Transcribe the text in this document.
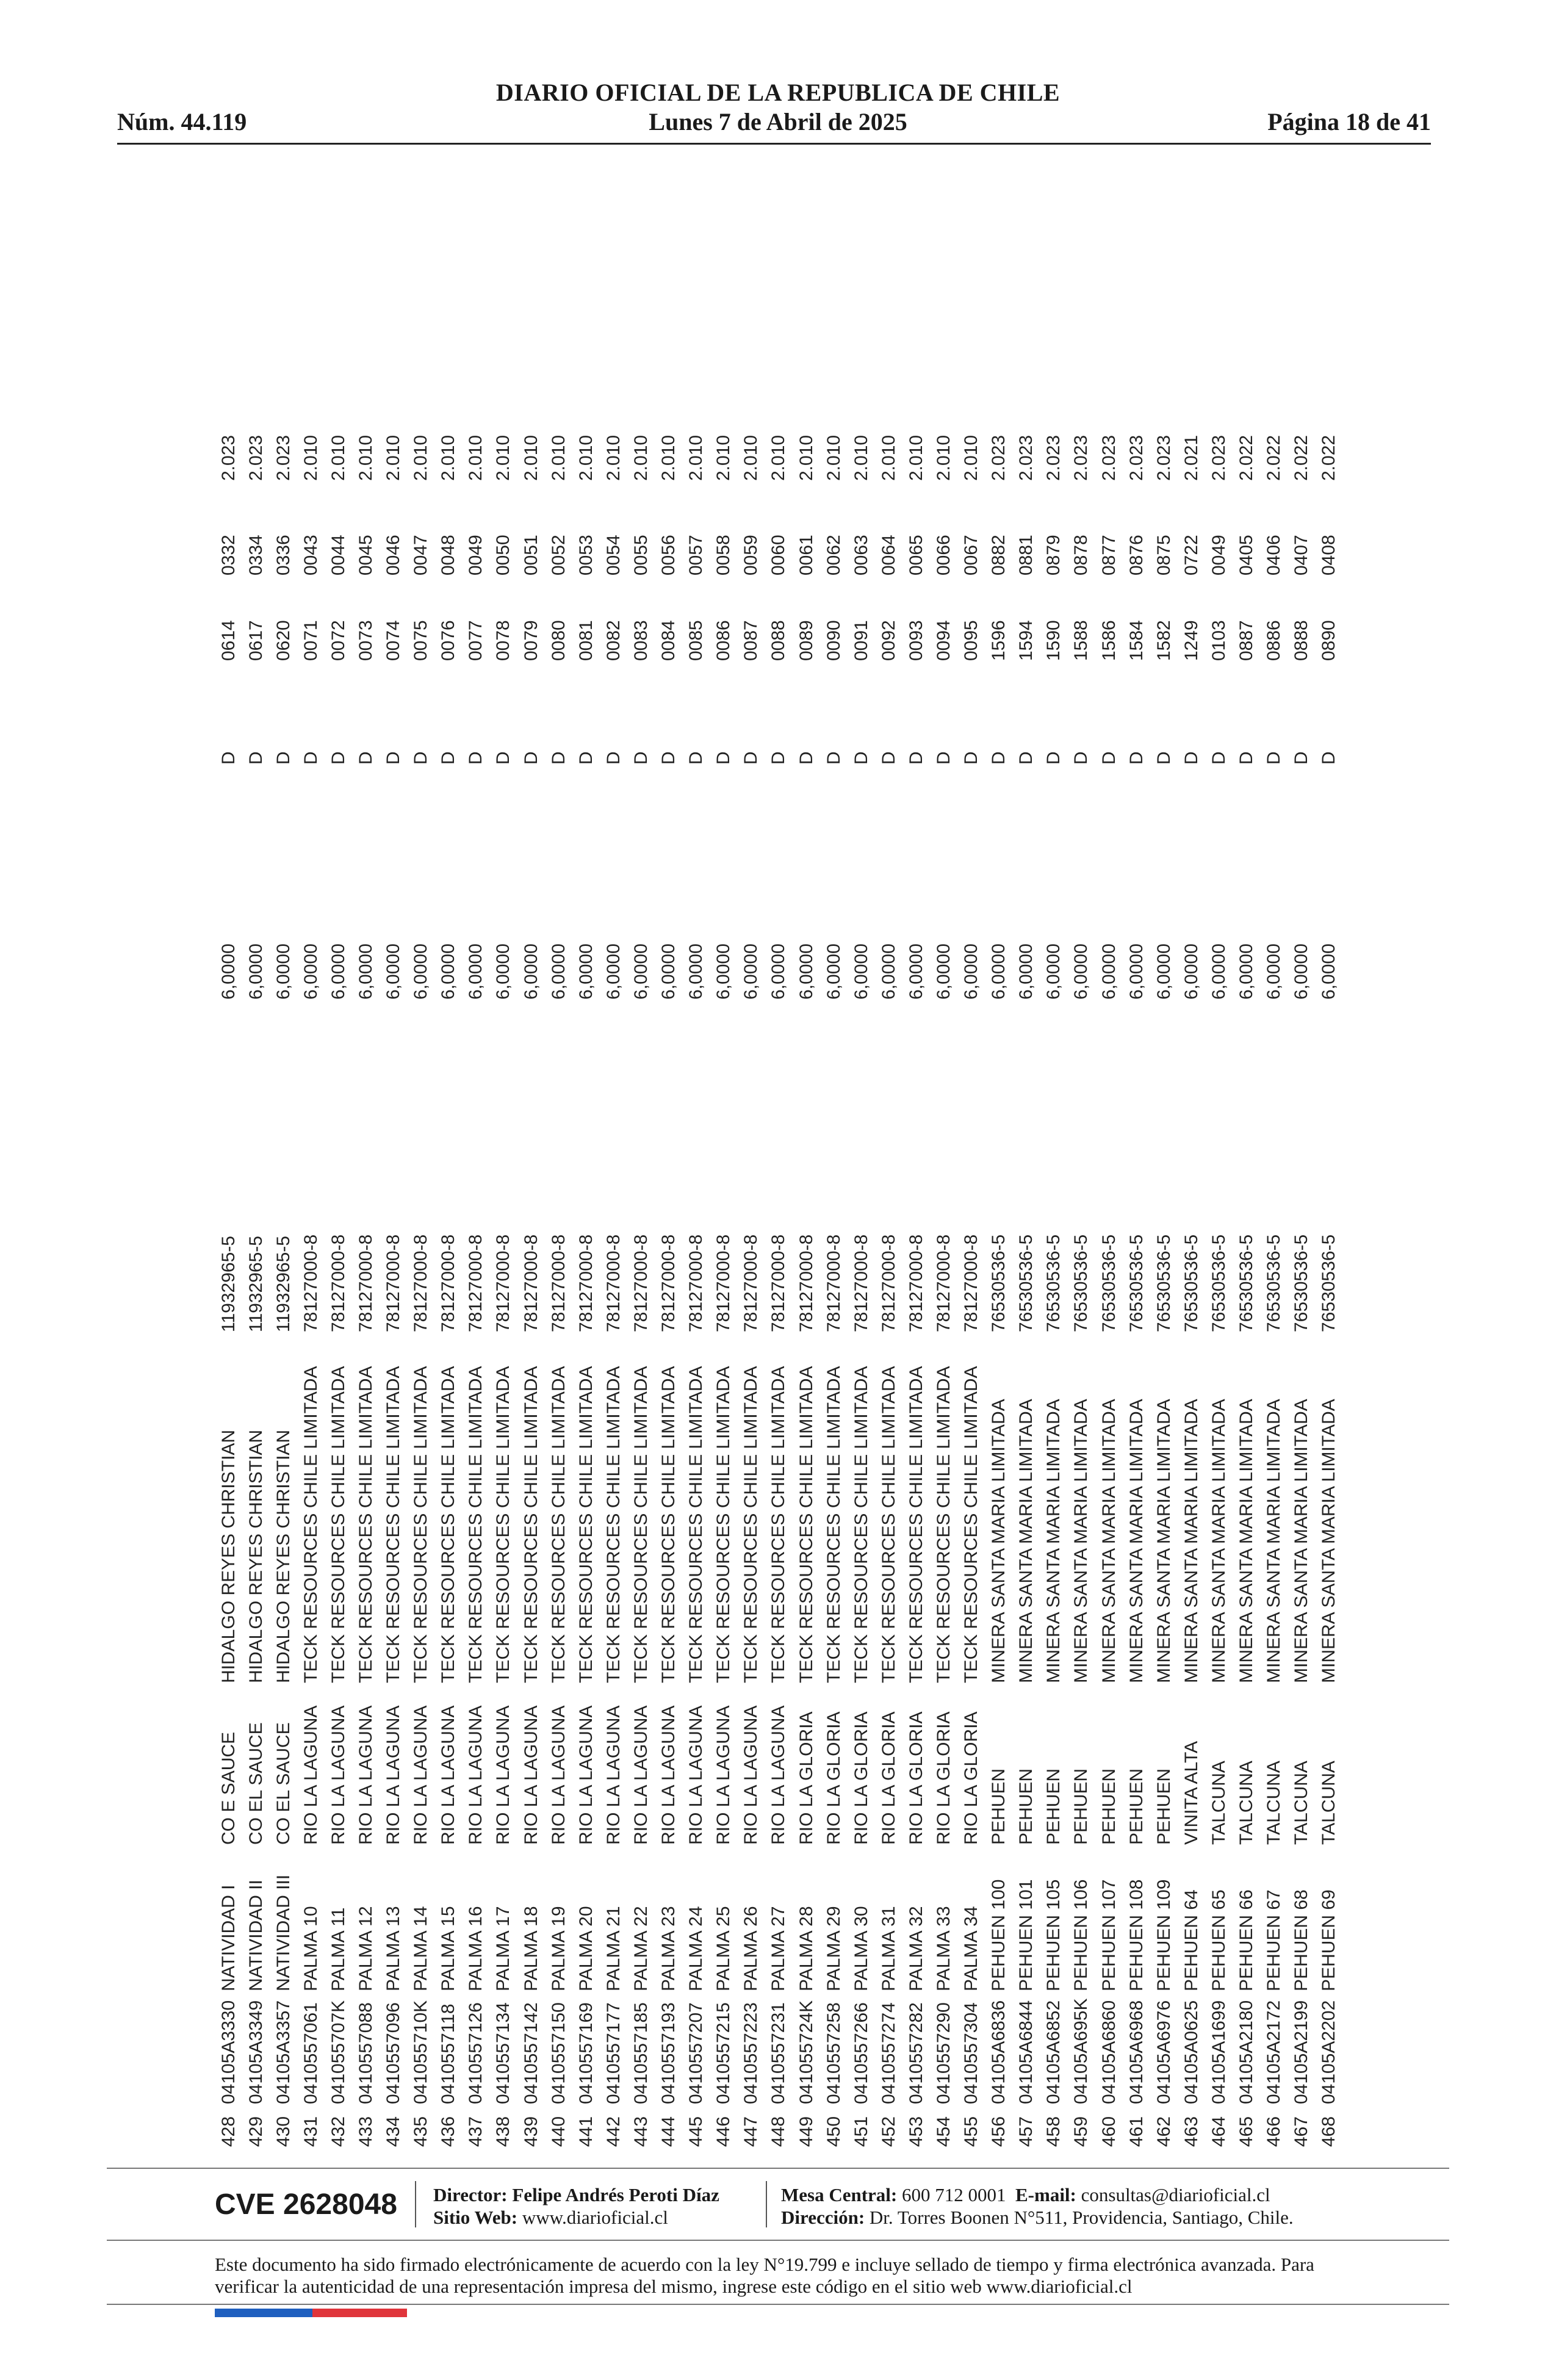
DIARIO OFICIAL DE LA REPUBLICA DE CHILE
Núm. 44.119	Lunes 7 de Abril de 2025	Página 18 de 41
428	04105A3330	NATIVIDAD I	CO E SAUCE	HIDALGO REYES CHRISTIAN	11932965-5	6,0000	D	0614	0332	2.023
429	04105A3349	NATIVIDAD II	CO EL SAUCE	HIDALGO REYES CHRISTIAN	11932965-5	6,0000	D	0617	0334	2.023
430	04105A3357	NATIVIDAD III	CO EL SAUCE	HIDALGO REYES CHRISTIAN	11932965-5	6,0000	D	0620	0336	2.023
431	0410557061	PALMA 10	RIO LA LAGUNA	TECK RESOURCES CHILE LIMITADA	78127000-8	6,0000	D	0071	0043	2.010
432	041055707K	PALMA 11	RIO LA LAGUNA	TECK RESOURCES CHILE LIMITADA	78127000-8	6,0000	D	0072	0044	2.010
433	0410557088	PALMA 12	RIO LA LAGUNA	TECK RESOURCES CHILE LIMITADA	78127000-8	6,0000	D	0073	0045	2.010
434	0410557096	PALMA 13	RIO LA LAGUNA	TECK RESOURCES CHILE LIMITADA	78127000-8	6,0000	D	0074	0046	2.010
435	041055710K	PALMA 14	RIO LA LAGUNA	TECK RESOURCES CHILE LIMITADA	78127000-8	6,0000	D	0075	0047	2.010
436	0410557118	PALMA 15	RIO LA LAGUNA	TECK RESOURCES CHILE LIMITADA	78127000-8	6,0000	D	0076	0048	2.010
437	0410557126	PALMA 16	RIO LA LAGUNA	TECK RESOURCES CHILE LIMITADA	78127000-8	6,0000	D	0077	0049	2.010
438	0410557134	PALMA 17	RIO LA LAGUNA	TECK RESOURCES CHILE LIMITADA	78127000-8	6,0000	D	0078	0050	2.010
439	0410557142	PALMA 18	RIO LA LAGUNA	TECK RESOURCES CHILE LIMITADA	78127000-8	6,0000	D	0079	0051	2.010
440	0410557150	PALMA 19	RIO LA LAGUNA	TECK RESOURCES CHILE LIMITADA	78127000-8	6,0000	D	0080	0052	2.010
441	0410557169	PALMA 20	RIO LA LAGUNA	TECK RESOURCES CHILE LIMITADA	78127000-8	6,0000	D	0081	0053	2.010
442	0410557177	PALMA 21	RIO LA LAGUNA	TECK RESOURCES CHILE LIMITADA	78127000-8	6,0000	D	0082	0054	2.010
443	0410557185	PALMA 22	RIO LA LAGUNA	TECK RESOURCES CHILE LIMITADA	78127000-8	6,0000	D	0083	0055	2.010
444	0410557193	PALMA 23	RIO LA LAGUNA	TECK RESOURCES CHILE LIMITADA	78127000-8	6,0000	D	0084	0056	2.010
445	0410557207	PALMA 24	RIO LA LAGUNA	TECK RESOURCES CHILE LIMITADA	78127000-8	6,0000	D	0085	0057	2.010
446	0410557215	PALMA 25	RIO LA LAGUNA	TECK RESOURCES CHILE LIMITADA	78127000-8	6,0000	D	0086	0058	2.010
447	0410557223	PALMA 26	RIO LA LAGUNA	TECK RESOURCES CHILE LIMITADA	78127000-8	6,0000	D	0087	0059	2.010
448	0410557231	PALMA 27	RIO LA LAGUNA	TECK RESOURCES CHILE LIMITADA	78127000-8	6,0000	D	0088	0060	2.010
449	041055724K	PALMA 28	RIO LA GLORIA	TECK RESOURCES CHILE LIMITADA	78127000-8	6,0000	D	0089	0061	2.010
450	0410557258	PALMA 29	RIO LA GLORIA	TECK RESOURCES CHILE LIMITADA	78127000-8	6,0000	D	0090	0062	2.010
451	0410557266	PALMA 30	RIO LA GLORIA	TECK RESOURCES CHILE LIMITADA	78127000-8	6,0000	D	0091	0063	2.010
452	0410557274	PALMA 31	RIO LA GLORIA	TECK RESOURCES CHILE LIMITADA	78127000-8	6,0000	D	0092	0064	2.010
453	0410557282	PALMA 32	RIO LA GLORIA	TECK RESOURCES CHILE LIMITADA	78127000-8	6,0000	D	0093	0065	2.010
454	0410557290	PALMA 33	RIO LA GLORIA	TECK RESOURCES CHILE LIMITADA	78127000-8	6,0000	D	0094	0066	2.010
455	0410557304	PALMA 34	RIO LA GLORIA	TECK RESOURCES CHILE LIMITADA	78127000-8	6,0000	D	0095	0067	2.010
456	04105A6836	PEHUEN 100	PEHUEN	MINERA SANTA MARIA LIMITADA	76530536-5	6,0000	D	1596	0882	2.023
457	04105A6844	PEHUEN 101	PEHUEN	MINERA SANTA MARIA LIMITADA	76530536-5	6,0000	D	1594	0881	2.023
458	04105A6852	PEHUEN 105	PEHUEN	MINERA SANTA MARIA LIMITADA	76530536-5	6,0000	D	1590	0879	2.023
459	04105A695K	PEHUEN 106	PEHUEN	MINERA SANTA MARIA LIMITADA	76530536-5	6,0000	D	1588	0878	2.023
460	04105A6860	PEHUEN 107	PEHUEN	MINERA SANTA MARIA LIMITADA	76530536-5	6,0000	D	1586	0877	2.023
461	04105A6968	PEHUEN 108	PEHUEN	MINERA SANTA MARIA LIMITADA	76530536-5	6,0000	D	1584	0876	2.023
462	04105A6976	PEHUEN 109	PEHUEN	MINERA SANTA MARIA LIMITADA	76530536-5	6,0000	D	1582	0875	2.023
463	04105A0625	PEHUEN 64	VINITA ALTA	MINERA SANTA MARIA LIMITADA	76530536-5	6,0000	D	1249	0722	2.021
464	04105A1699	PEHUEN 65	TALCUNA	MINERA SANTA MARIA LIMITADA	76530536-5	6,0000	D	0103	0049	2.023
465	04105A2180	PEHUEN 66	TALCUNA	MINERA SANTA MARIA LIMITADA	76530536-5	6,0000	D	0887	0405	2.022
466	04105A2172	PEHUEN 67	TALCUNA	MINERA SANTA MARIA LIMITADA	76530536-5	6,0000	D	0886	0406	2.022
467	04105A2199	PEHUEN 68	TALCUNA	MINERA SANTA MARIA LIMITADA	76530536-5	6,0000	D	0888	0407	2.022
468	04105A2202	PEHUEN 69	TALCUNA	MINERA SANTA MARIA LIMITADA	76530536-5	6,0000	D	0890	0408	2.022
CVE 2628048 Director: Felipe Andrés Peroti Díaz
Sitio Web: www.diarioficial.cl
Mesa Central: 600 712 0001 E-mail: consultas@diarioficial.cl
Dirección: Dr. Torres Boonen N°511, Providencia, Santiago, Chile.
Este documento ha sido firmado electrónicamente de acuerdo con la ley N°19.799 e incluye sellado de tiempo y firma electrónica avanzada. Para verificar la autenticidad de una representación impresa del mismo, ingrese este código en el sitio web www.diarioficial.cl
